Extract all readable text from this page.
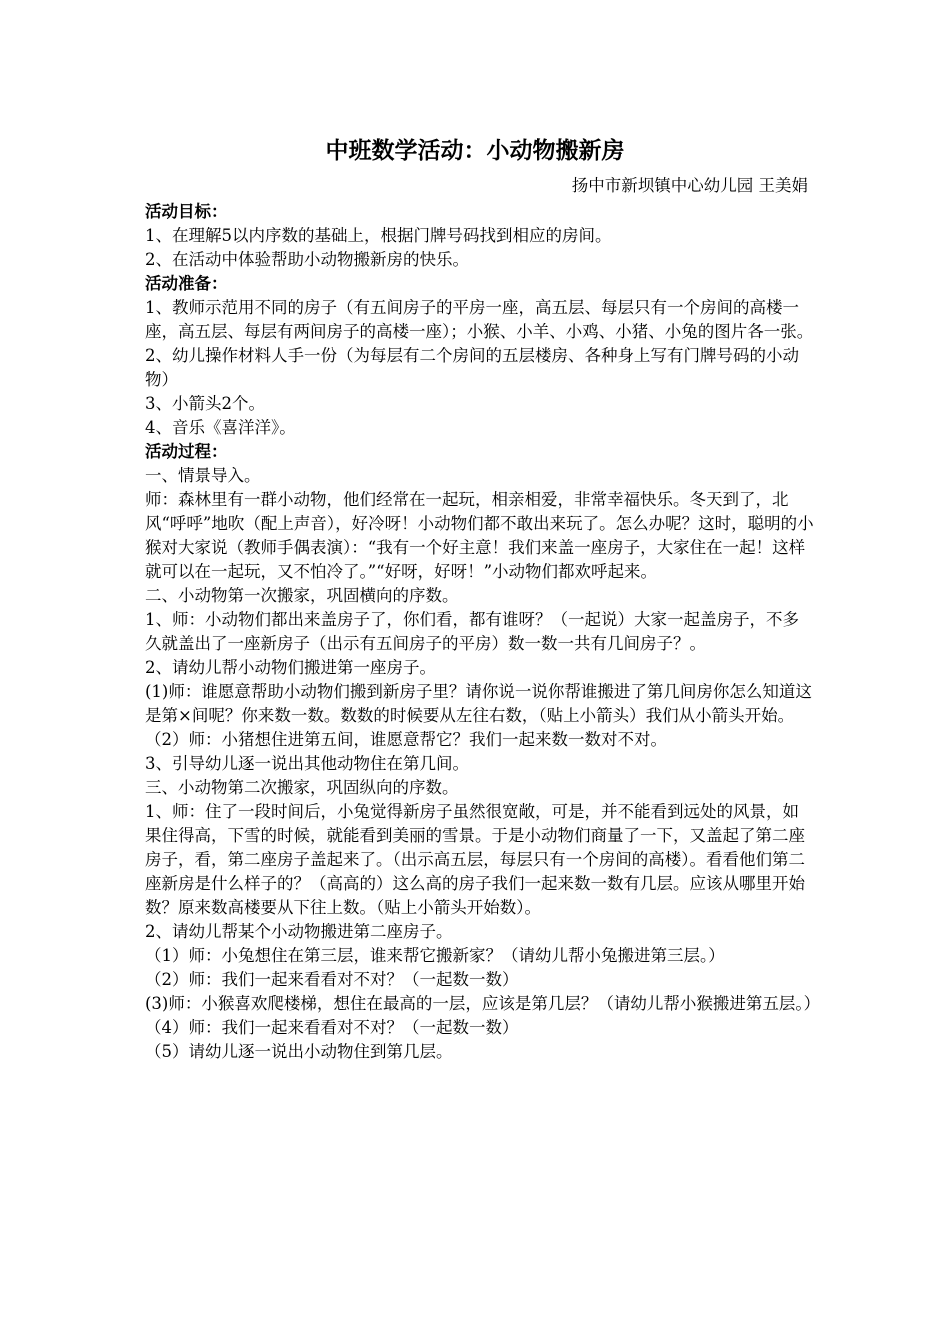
中班数学活动：小动物搬新房
扬中市新坝镇中心幼儿园 王美娟

活动目标：

1、在理解5以内序数的基础上，根据门牌号码找到相应的房间。

2、在活动中体验帮助小动物搬新房的快乐。

活动准备：

1、教师示范用不同的房子（有五间房子的平房一座，高五层、每层只有一个房间的高楼一座，高五层、每层有两间房子的高楼一座）；小猴、小羊、小鸡、小猪、小兔的图片各一张。

2、幼儿操作材料人手一份（为每层有二个房间的五层楼房、各种身上写有门牌号码的小动物）

3、小箭头2个。

4、音乐《喜洋洋》。

活动过程：

一、情景导入。

师：森林里有一群小动物，他们经常在一起玩，相亲相爱，非常幸福快乐。冬天到了，北风“呼呼”地吹（配上声音），好冷呀！小动物们都不敢出来玩了。怎么办呢？这时，聪明的小猴对大家说（教师手偶表演）：“我有一个好主意！我们来盖一座房子，大家住在一起！这样就可以在一起玩，又不怕冷了。”“好呀，好呀！”小动物们都欢呼起来。

二、小动物第一次搬家，巩固横向的序数。

1、师：小动物们都出来盖房子了，你们看，都有谁呀？（一起说）大家一起盖房子，不多久就盖出了一座新房子（出示有五间房子的平房）数一数一共有几间房子？。

2、请幼儿帮小动物们搬进第一座房子。

(1)师：谁愿意帮助小动物们搬到新房子里？请你说一说你帮谁搬进了第几间房你怎么知道这是第×间呢？你来数一数。数数的时候要从左往右数，（贴上小箭头）我们从小箭头开始。

（2）师：小猪想住进第五间，谁愿意帮它？我们一起来数一数对不对。

3、引导幼儿逐一说出其他动物住在第几间。

三、小动物第二次搬家，巩固纵向的序数。

1、师：住了一段时间后，小兔觉得新房子虽然很宽敞，可是，并不能看到远处的风景，如果住得高，下雪的时候，就能看到美丽的雪景。于是小动物们商量了一下，又盖起了第二座房子，看，第二座房子盖起来了。（出示高五层，每层只有一个房间的高楼）。看看他们第二座新房是什么样子的？（高高的）这么高的房子我们一起来数一数有几层。应该从哪里开始数？原来数高楼要从下往上数。（贴上小箭头开始数）。

2、请幼儿帮某个小动物搬进第二座房子。

（1）师：小兔想住在第三层，谁来帮它搬新家？（请幼儿帮小兔搬进第三层。）

（2）师：我们一起来看看对不对？（一起数一数）

(3)师：小猴喜欢爬楼梯，想住在最高的一层，应该是第几层？（请幼儿帮小猴搬进第五层。）

（4）师：我们一起来看看对不对？（一起数一数）

（5）请幼儿逐一说出小动物住到第几层。
